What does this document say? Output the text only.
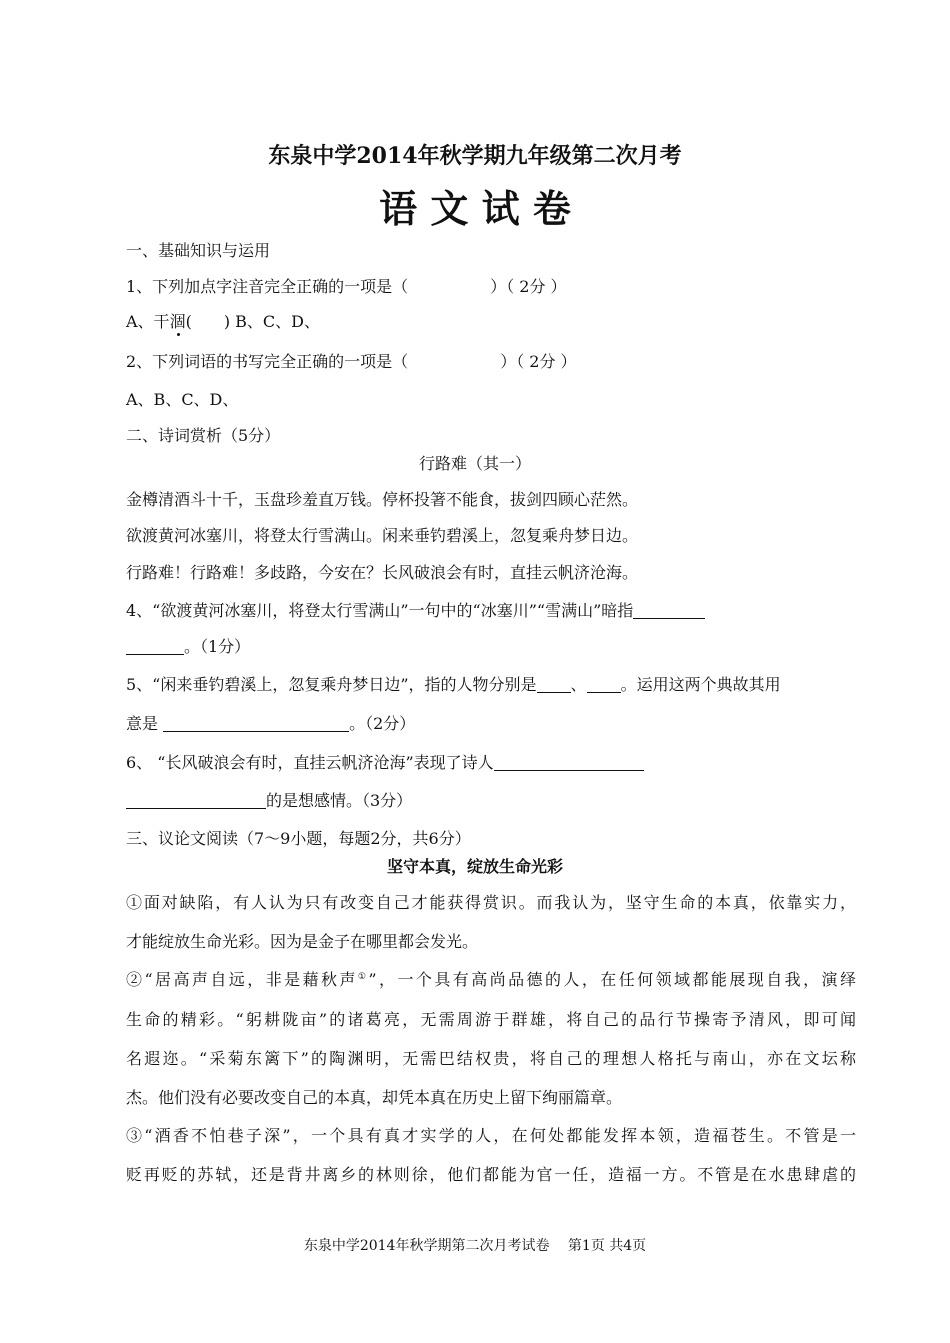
东泉中学2014年秋学期九年级第二次月考
语 文 试 卷
一、基础知识与运用
1、下列加点字注音完全正确的一项是（	）（ 2分 ）
A、干涸(　　) B、C、D、
2、下列词语的书写完全正确的一项是（	）（ 2分 ）
A、B、C、D、
二、诗词赏析（5分）
行路难（其一）
金樽清酒斗十千，玉盘珍羞直万钱。停杯投箸不能食，拔剑四顾心茫然。
欲渡黄河冰塞川，将登太行雪满山。闲来垂钓碧溪上，忽复乘舟梦日边。
行路难！行路难！多歧路，今安在？长风破浪会有时，直挂云帆济沧海。
4、“欲渡黄河冰塞川，将登太行雪满山”一句中的“冰塞川”“雪满山”暗指
。（1分）
5、“闲来垂钓碧溪上，忽复乘舟梦日边”，指的人物分别是 、 。运用这两个典故其用
意是	。（2分）
6、 “长风破浪会有时，直挂云帆济沧海”表现了诗人
的是想感情。（3分）
三、议论文阅读（7～9小题，每题2分，共6分）
坚守本真，绽放生命光彩
①面对缺陷，有人认为只有改变自己才能获得赏识。而我认为，坚守生命的本真，依靠实力，
才能绽放生命光彩。因为是金子在哪里都会发光。
②“居高声自远，非是藉秋声①”，一个具有高尚品德的人，在任何领域都能展现自我，演绎
生命的精彩。“躬耕陇亩”的诸葛亮，无需周游于群雄，将自己的品行节操寄予清风，即可闻
名遐迩。“采菊东篱下”的陶渊明，无需巴结权贵，将自己的理想人格托与南山，亦在文坛称
杰。他们没有必要改变自己的本真，却凭本真在历史上留下绚丽篇章。
③“酒香不怕巷子深”，一个具有真才实学的人，在何处都能发挥本领，造福苍生。不管是一
贬再贬的苏轼，还是背井离乡的林则徐，他们都能为官一任，造福一方。不管是在水患肆虐的
东泉中学2014年秋学期第二次月考试卷　 第1页 共4页
